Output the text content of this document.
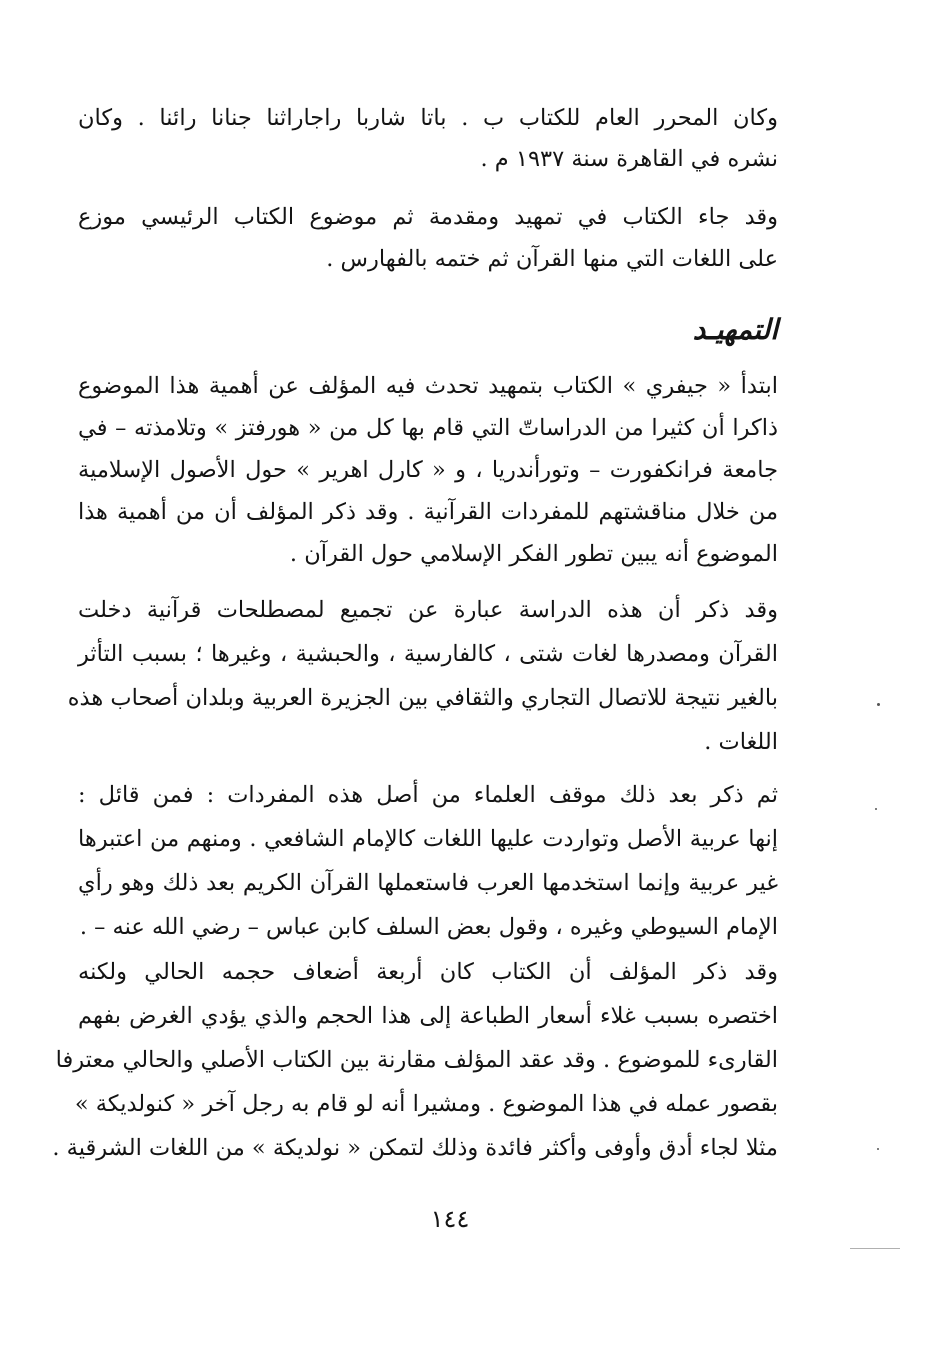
وكان المحرر العام للكتاب ب . باتا شاربا راجاراثنا جنانا رائنا . وكان
نشره في القاهرة سنة ١٩٣٧ م .
وقد جاء الكتاب في تمهيد ومقدمة ثم موضوع الكتاب الرئيسي موزع
على اللغات التي منها القرآن ثم ختمه بالفهارس .
التمهيـد
ابتدأ « جيفري » الكتاب بتمهيد تحدث فيه المؤلف عن أهمية هذا الموضوع
ذاكرا أن كثيرا من الدراساتّ التي قام بها كل من « هورفتز » وتلامذته – في
جامعة فرانكفورت – وتورأندريا ، و « كارل اهرير » حول الأصول الإسلامية
من خلال مناقشتهم للمفردات القرآنية . وقد ذكر المؤلف أن من أهمية هذا
الموضوع أنه يبين تطور الفكر الإسلامي حول القرآن .
وقد ذكر أن هذه الدراسة عبارة عن تجميع لمصطلحات قرآنية دخلت
القرآن ومصدرها لغات شتى ، كالفارسية ، والحبشية ، وغيرها ؛ بسبب التأثر
بالغير نتيجة للاتصال التجاري والثقافي بين الجزيرة العربية وبلدان أصحاب هذه
اللغات .
ثم ذكر بعد ذلك موقف العلماء من أصل هذه المفردات : فمن قائل :
إنها عربية الأصل وتواردت عليها اللغات كالإمام الشافعي . ومنهم من اعتبرها
غير عربية وإنما استخدمها العرب فاستعملها القرآن الكريم بعد ذلك وهو رأي
الإمام السيوطي وغيره ، وقول بعض السلف كابن عباس – رضي الله عنه – .
وقد ذكر المؤلف أن الكتاب كان أربعة أضعاف حجمه الحالي ولكنه
اختصره بسبب غلاء أسعار الطباعة إلى هذا الحجم والذي يؤدي الغرض بفهم
القارىء للموضوع . وقد عقد المؤلف مقارنة بين الكتاب الأصلي والحالي معترفا
بقصور عمله في هذا الموضوع . ومشيرا أنه لو قام به رجل آخر « كنولديكة »
مثلا لجاء أدق وأوفى وأكثر فائدة وذلك لتمكن « نولديكة » من اللغات الشرقية .
١٤٤
